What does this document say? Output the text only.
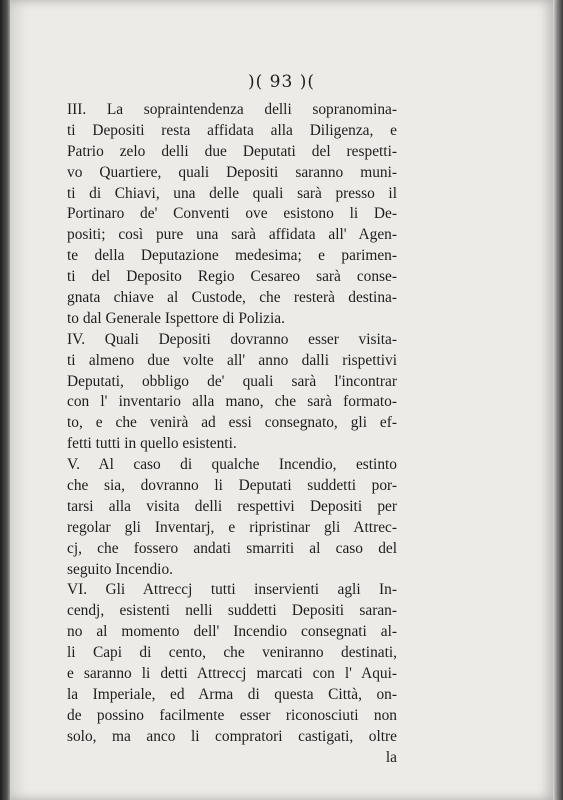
)( 93 )(
III. La sopraintendenza delli sopranomina-
ti Depositi resta affidata alla Diligenza, e
Patrio zelo delli due Deputati del respetti-
vo Quartiere, quali Depositi saranno muni-
ti di Chiavi, una delle quali sarà presso il
Portinaro de' Conventi ove esistono li De-
positi; così pure una sarà affidata all' Agen-
te della Deputazione medesima; e parimen-
ti del Deposito Regio Cesareo sarà conse-
gnata chiave al Custode, che resterà destina-
to dal Generale Ispettore di Polizia.
IV. Quali Depositi dovranno esser visita-
ti almeno due volte all' anno dalli rispettivi
Deputati, obbligo de' quali sarà l'incontrar
con l' inventario alla mano, che sarà formato-
to, e che venirà ad essi consegnato, gli ef-
fetti tutti in quello esistenti.
V. Al caso di qualche Incendio, estinto
che sia, dovranno li Deputati suddetti por-
tarsi alla visita delli respettivi Depositi per
regolar gli Inventarj, e ripristinar gli Attrec-
cj, che fossero andati smarriti al caso del
seguito Incendio.
VI. Gli Attreccj tutti inservienti agli In-
cendj, esistenti nelli suddetti Depositi saran-
no al momento dell' Incendio consegnati al-
li Capi di cento, che veniranno destinati,
e saranno li detti Attreccj marcati con l' Aqui-
la Imperiale, ed Arma di questa Città, on-
de possino facilmente esser riconosciuti non
solo, ma anco li compratori castigati, oltre
la
